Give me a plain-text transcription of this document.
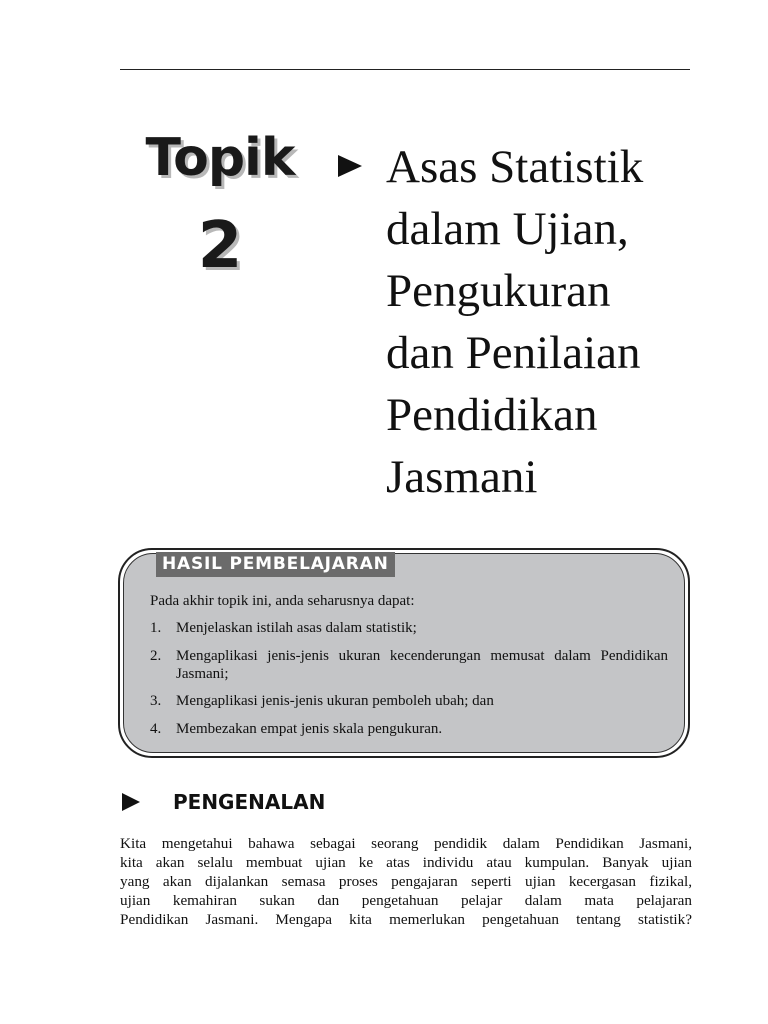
Topik
2
Asas Statistik
dalam Ujian,
Pengukuran
dan Penilaian
Pendidikan
Jasmani
HASIL PEMBELAJARAN
Pada akhir topik ini, anda seharusnya dapat:
1. Menjelaskan istilah asas dalam statistik;
2. Mengaplikasi jenis-jenis ukuran kecenderungan memusat dalam Pendidikan Jasmani;
3. Mengaplikasi jenis-jenis ukuran pemboleh ubah; dan
4. Membezakan empat jenis skala pengukuran.
PENGENALAN
Kita mengetahui bahawa sebagai seorang pendidik dalam Pendidikan Jasmani,
kita akan selalu membuat ujian ke atas individu atau kumpulan. Banyak ujian
yang akan dijalankan semasa proses pengajaran seperti ujian kecergasan fizikal,
ujian kemahiran sukan dan pengetahuan pelajar dalam mata pelajaran
Pendidikan Jasmani. Mengapa kita memerlukan pengetahuan tentang statistik?
